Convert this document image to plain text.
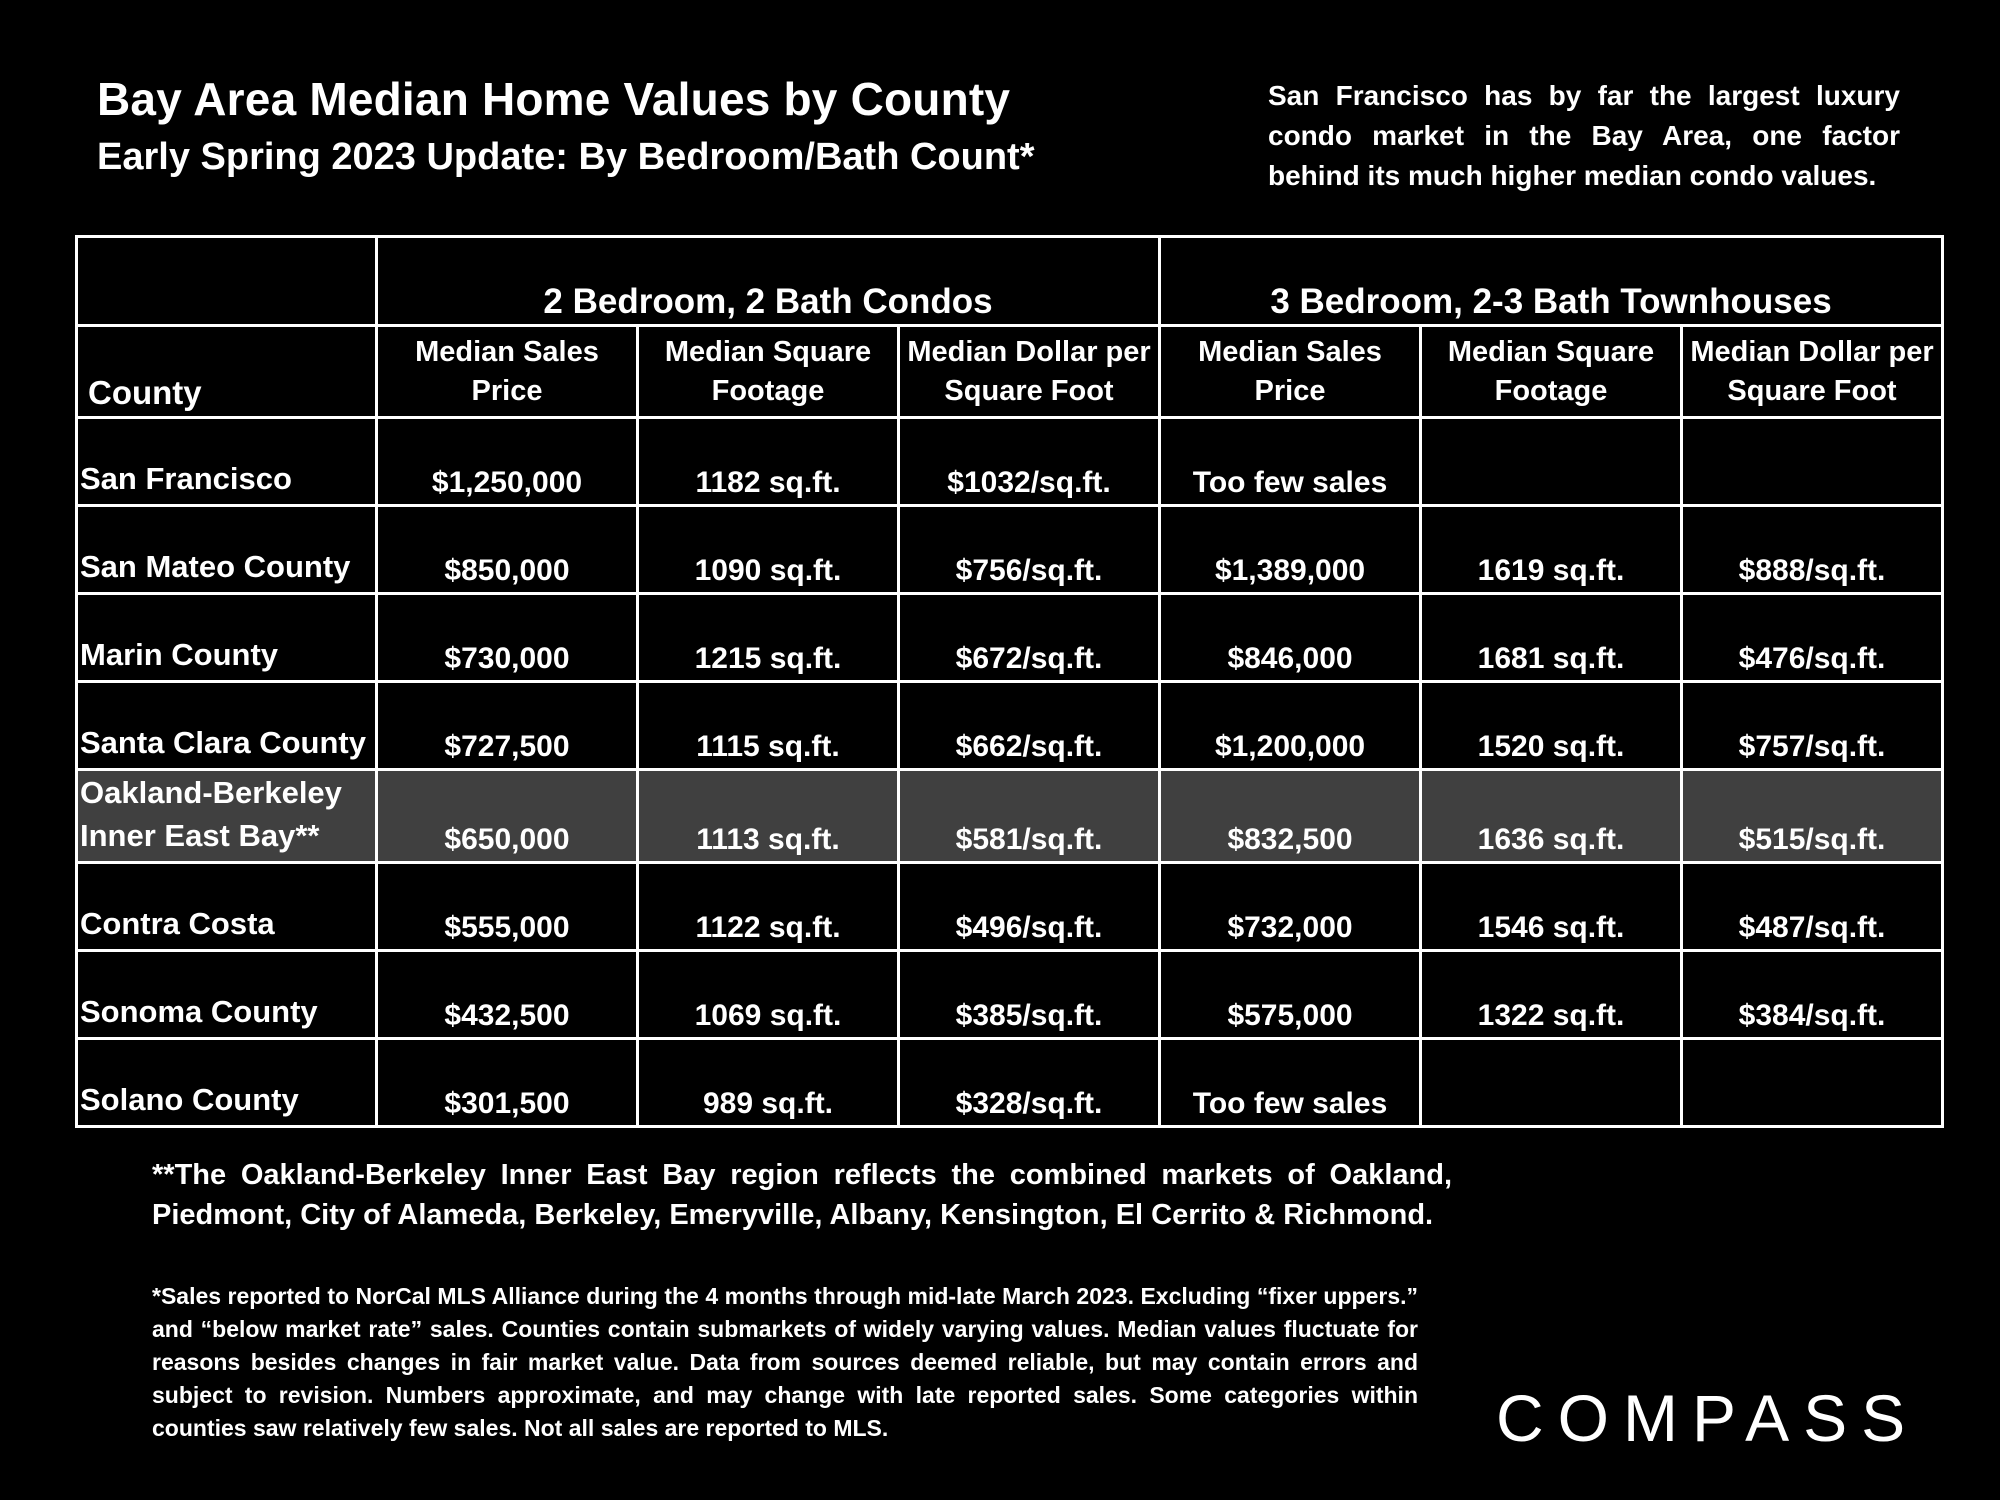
Bay Area Median Home Values by County
Early Spring 2023 Update: By Bedroom/Bath Count*
San Francisco has by far the largest luxury condo market in the Bay Area, one factor behind its much higher median condo values.
	2 Bedroom, 2 Bath Condos			3 Bedroom, 2-3 Bath Townhouses		
County	Median Sales Price	Median Square Footage	Median Dollar per Square Foot	Median Sales Price	Median Square Footage	Median Dollar per Square Foot
San Francisco	$1,250,000	1182 sq.ft.	$1032/sq.ft.	Too few sales		
San Mateo County	$850,000	1090 sq.ft.	$756/sq.ft.	$1,389,000	1619 sq.ft.	$888/sq.ft.
Marin County	$730,000	1215 sq.ft.	$672/sq.ft.	$846,000	1681 sq.ft.	$476/sq.ft.
Santa Clara County	$727,500	1115 sq.ft.	$662/sq.ft.	$1,200,000	1520 sq.ft.	$757/sq.ft.
Oakland-Berkeley Inner East Bay**	$650,000	1113 sq.ft.	$581/sq.ft.	$832,500	1636 sq.ft.	$515/sq.ft.
Contra Costa	$555,000	1122 sq.ft.	$496/sq.ft.	$732,000	1546 sq.ft.	$487/sq.ft.
Sonoma County	$432,500	1069 sq.ft.	$385/sq.ft.	$575,000	1322 sq.ft.	$384/sq.ft.
Solano County	$301,500	989 sq.ft.	$328/sq.ft.	Too few sales		
**The Oakland-Berkeley Inner East Bay region reflects the combined markets of Oakland, Piedmont, City of Alameda, Berkeley, Emeryville, Albany, Kensington, El Cerrito & Richmond.
*Sales reported to NorCal MLS Alliance during the 4 months through mid-late March 2023. Excluding “fixer uppers.” and “below market rate” sales. Counties contain submarkets of widely varying values. Median values fluctuate for reasons besides changes in fair market value. Data from sources deemed reliable, but may contain errors and subject to revision. Numbers approximate, and may change with late reported sales. Some categories within counties saw relatively few sales. Not all sales are reported to MLS.	COMPASS
